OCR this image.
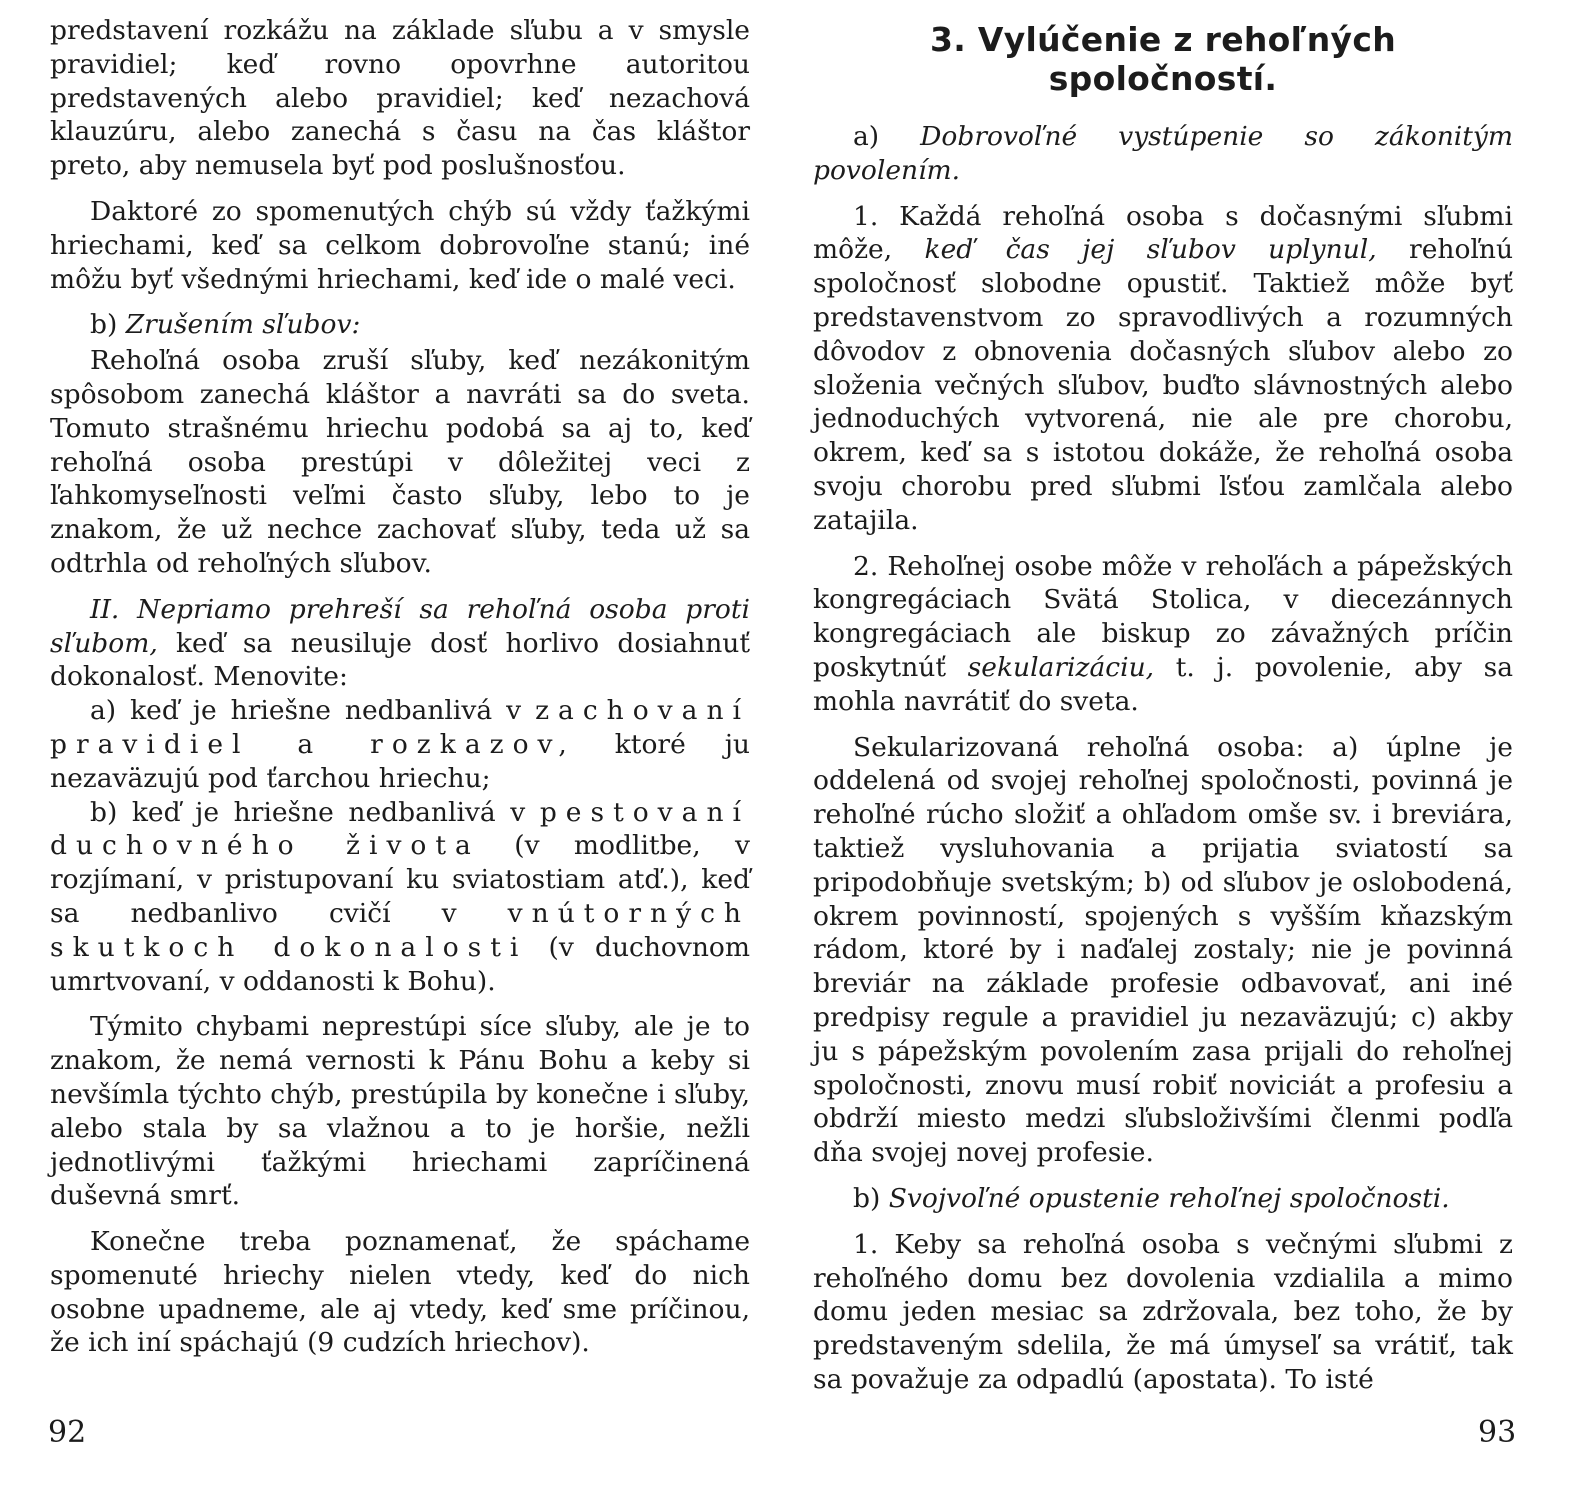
predstavení rozkážu na základe sľubu a v smysle pravidiel; keď rovno opovrhne autoritou predstavených alebo pravidiel; keď nezachová klauzúru, alebo zanechá s času na čas kláštor preto, aby nemusela byť pod poslušnosťou.

Daktoré zo spomenutých chýb sú vždy ťažkými hriechami, keď sa celkom dobrovoľne stanú; iné môžu byť všednými hriechami, keď ide o malé veci.

b) Zrušením sľubov:

Rehoľná osoba zruší sľuby, keď nezákonitým spôsobom zanechá kláštor a navráti sa do sveta. Tomuto strašnému hriechu podobá sa aj to, keď rehoľná osoba prestúpi v dôležitej veci z ľahkomyseľnosti veľmi často sľuby, lebo to je znakom, že už nechce zachovať sľuby, teda už sa odtrhla od rehoľných sľubov.

II. Nepriamo prehreší sa rehoľná osoba proti sľubom, keď sa neusiluje dosť horlivo dosiahnuť dokonalosť. Menovite:

a) keď je hriešne nedbanlivá v zachovaní pravidiel a rozkazov, ktoré ju nezaväzujú pod ťarchou hriechu;

b) keď je hriešne nedbanlivá v pestovaní duchovného života (v modlitbe, v rozjímaní, v pristupovaní ku sviatostiam atď.), keď sa nedbanlivo cvičí v vnútorných skutkoch dokonalosti (v duchovnom umrtvovaní, v oddanosti k Bohu).

Týmito chybami neprestúpi síce sľuby, ale je to znakom, že nemá vernosti k Pánu Bohu a keby si nevšímla týchto chýb, prestúpila by konečne i sľuby, alebo stala by sa vlažnou a to je horšie, nežli jednotlivými ťažkými hriechami zapríčinená duševná smrť.

Konečne treba poznamenať, že spáchame spomenuté hriechy nielen vtedy, keď do nich osobne upadneme, ale aj vtedy, keď sme príčinou, že ich iní spáchajú (9 cudzích hriechov).

92
3. Vylúčenie z rehoľných spoločností.

a) Dobrovoľné vystúpenie so zákonitým povolením.

1. Každá rehoľná osoba s dočasnými sľubmi môže, keď čas jej sľubov uplynul, rehoľnú spoločnosť slobodne opustiť. Taktiež môže byť predstavenstvom zo spravodlivých a rozumných dôvodov z obnovenia dočasných sľubov alebo zo složenia večných sľubov, buďto slávnostných alebo jednoduchých vytvorená, nie ale pre chorobu, okrem, keď sa s istotou dokáže, že rehoľná osoba svoju chorobu pred sľubmi ľsťou zamlčala alebo zatajila.

2. Rehoľnej osobe môže v rehoľách a pápežských kongregáciach Svätá Stolica, v diecezánnych kongregáciach ale biskup zo závažných príčin poskytnúť sekularizáciu, t. j. povolenie, aby sa mohla navrátiť do sveta.

Sekularizovaná rehoľná osoba: a) úplne je oddelená od svojej rehoľnej spoločnosti, povinná je rehoľné rúcho složiť a ohľadom omše sv. i breviára, taktiež vysluhovania a prijatia sviatostí sa pripodobňuje svetským; b) od sľubov je oslobodená, okrem povinností, spojených s vyšším kňazským rádom, ktoré by i naďalej zostaly; nie je povinná breviár na základe profesie odbavovať, ani iné predpisy regule a pravidiel ju nezaväzujú; c) akby ju s pápežským povolením zasa prijali do rehoľnej spoločnosti, znovu musí robiť noviciát a profesiu a obdrží miesto medzi sľubsloživšími členmi podľa dňa svojej novej profesie.

b) Svojvoľné opustenie rehoľnej spoločnosti.

1. Keby sa rehoľná osoba s večnými sľubmi z rehoľného domu bez dovolenia vzdialila a mimo domu jeden mesiac sa zdržovala, bez toho, že by predstaveným sdelila, že má úmyseľ sa vrátiť, tak sa považuje za odpadlú (apostata). To isté

93
